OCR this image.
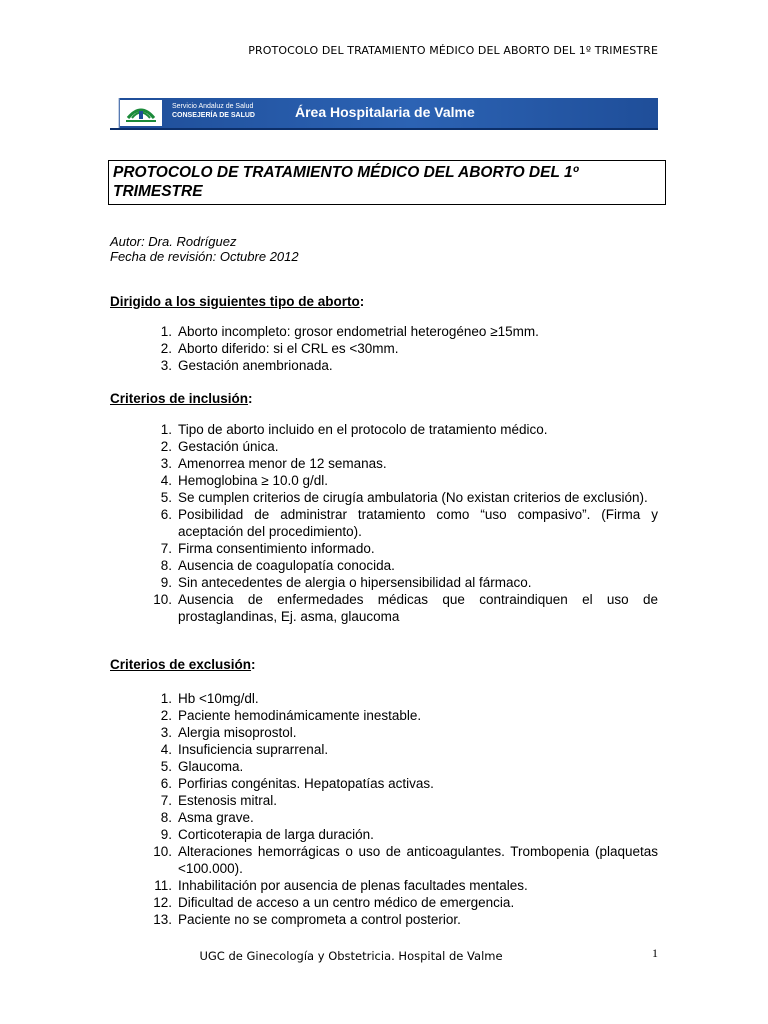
PROTOCOLO DEL TRATAMIENTO MÉDICO DEL ABORTO DEL 1º TRIMESTRE
Servicio Andaluz de Salud
CONSEJERÍA DE SALUD	Área Hospitalaria de Valme
PROTOCOLO DE TRATAMIENTO MÉDICO DEL ABORTO DEL 1º TRIMESTRE
Autor: Dra. Rodríguez
Fecha de revisión: Octubre 2012
Dirigido a los siguientes tipo de aborto:
1. Aborto incompleto: grosor endometrial heterogéneo ≥15mm.
2. Aborto diferido: si el CRL es <30mm.
3. Gestación anembrionada.
Criterios de inclusión:
1. Tipo de aborto incluido en el protocolo de tratamiento médico.
2. Gestación única.
3. Amenorrea menor de 12 semanas.
4. Hemoglobina ≥ 10.0 g/dl.
5. Se cumplen criterios de cirugía ambulatoria (No existan criterios de exclusión).
6. Posibilidad de administrar tratamiento como “uso compasivo”. (Firma y aceptación del procedimiento).
7. Firma consentimiento informado.
8. Ausencia de coagulopatía conocida.
9. Sin antecedentes de alergia o hipersensibilidad al fármaco.
10. Ausencia de enfermedades médicas que contraindiquen el uso de prostaglandinas, Ej. asma, glaucoma
Criterios de exclusión:
1. Hb <10mg/dl.
2. Paciente hemodinámicamente inestable.
3. Alergia misoprostol.
4. Insuficiencia suprarrenal.
5. Glaucoma.
6. Porfirias congénitas. Hepatopatías activas.
7. Estenosis mitral.
8. Asma grave.
9. Corticoterapia de larga duración.
10. Alteraciones hemorrágicas o uso de anticoagulantes. Trombopenia (plaquetas <100.000).
11. Inhabilitación por ausencia de plenas facultades mentales.
12. Dificultad de acceso a un centro médico de emergencia.
13. Paciente no se comprometa a control posterior.
UGC de Ginecología y Obstetricia. Hospital de Valme	1
